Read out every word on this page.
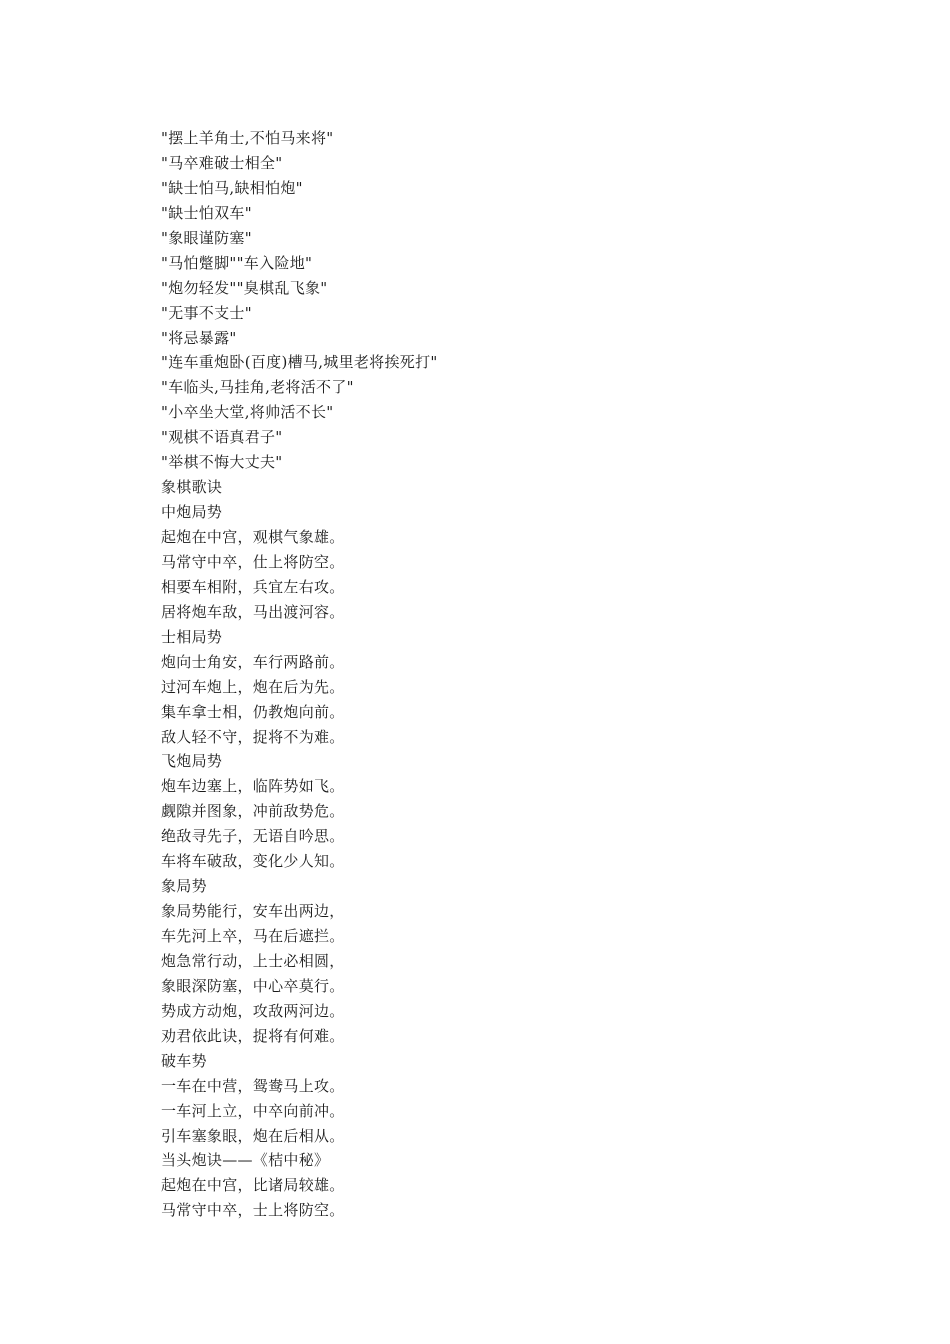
"摆上羊角士,不怕马来将"
"马卒难破士相全"
"缺士怕马,缺相怕炮"
"缺士怕双车"
"象眼谨防塞"
"马怕蹩脚""车入险地"
"炮勿轻发""臭棋乱飞象"
"无事不支士"
"将忌暴露"
"连车重炮卧(百度)槽马,城里老将挨死打"
"车临头,马挂角,老将活不了"
"小卒坐大堂,将帅活不长"
"观棋不语真君子"
"举棋不悔大丈夫"
象棋歌诀
中炮局势
起炮在中宫，观棋气象雄。
马常守中卒，仕上将防空。
相要车相附，兵宜左右攻。
居将炮车敌，马出渡河容。
士相局势
炮向士角安，车行两路前。
过河车炮上，炮在后为先。
集车拿士相，仍教炮向前。
敌人轻不守，捉将不为难。
飞炮局势
炮车边塞上，临阵势如飞。
觑隙并图象，冲前敌势危。
绝敌寻先子，无语自吟思。
车将车破敌，变化少人知。
象局势
象局势能行，安车出两边，
车先河上卒，马在后遮拦。
炮急常行动，上士必相圆，
象眼深防塞，中心卒莫行。
势成方动炮，攻敌两河边。
劝君依此诀，捉将有何难。
破车势
一车在中营，鸳鸯马上攻。
一车河上立，中卒向前冲。
引车塞象眼，炮在后相从。
当头炮诀——《桔中秘》
起炮在中宫，比诸局较雄。
马常守中卒，士上将防空。
